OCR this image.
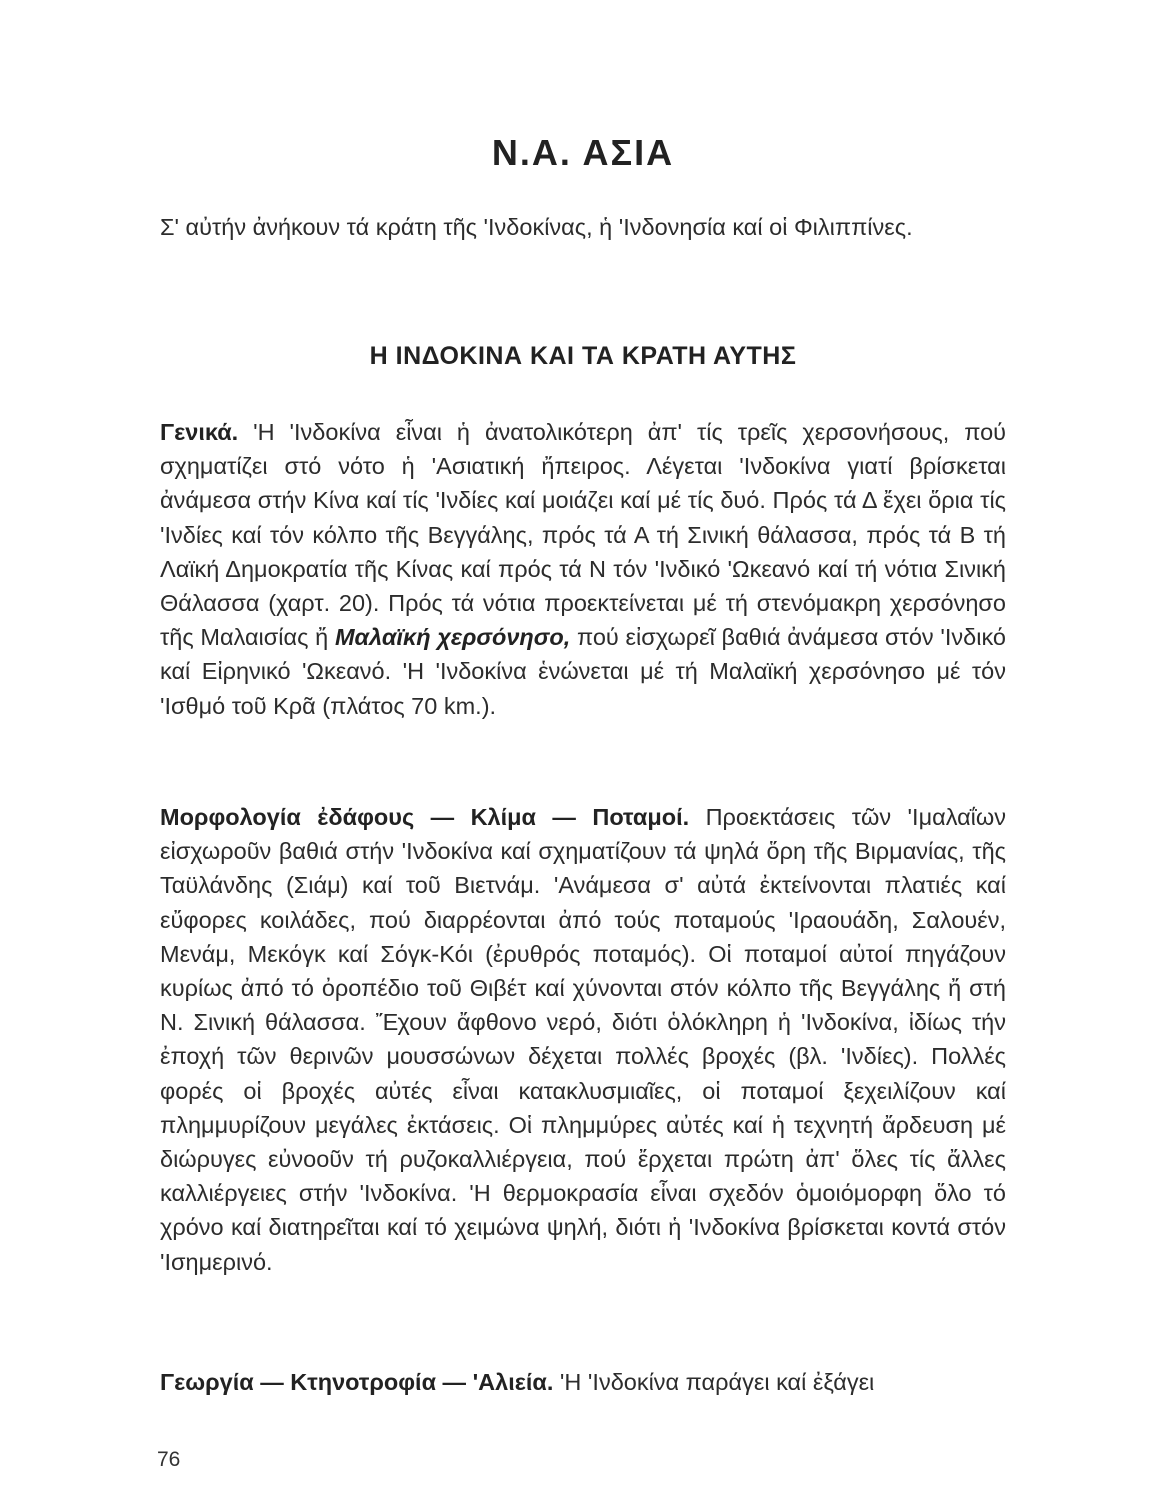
Ν.Α. ΑΣΙΑ

Σ' αὐτήν ἀνήκουν τά κράτη τῆς 'Ινδοκίνας, ἡ 'Ινδονησία καί οἱ Φιλιππίνες.

Η ΙΝΔΟΚΙΝΑ ΚΑΙ ΤΑ ΚΡΑΤΗ ΑΥΤΗΣ

Γενικά. 'Η 'Ινδοκίνα εἶναι ἡ ἀνατολικότερη ἀπ' τίς τρεῖς χερσονήσους, πού σχηματίζει στό νότο ἡ 'Ασιατική ἤπειρος. Λέγεται 'Ινδοκίνα γιατί βρίσκεται ἀνάμεσα στήν Κίνα καί τίς 'Ινδίες καί μοιάζει καί μέ τίς δυό. Πρός τά Δ ἔχει ὅρια τίς 'Ινδίες καί τόν κόλπο τῆς Βεγγάλης, πρός τά Α τή Σινική θάλασσα, πρός τά Β τή Λαϊκή Δημοκρατία τῆς Κίνας καί πρός τά Ν τόν 'Ινδικό 'Ωκεανό καί τή νότια Σινική Θάλασσα (χαρτ. 20). Πρός τά νότια προεκτείνεται μέ τή στενόμακρη χερσόνησο τῆς Μαλαισίας ἤ Μαλαϊκή χερσόνησο, πού εἰσχωρεῖ βαθιά ἀνάμεσα στόν 'Ινδικό καί Εἰρηνικό 'Ωκεανό. 'Η 'Ινδοκίνα ἑνώνεται μέ τή Μαλαϊκή χερσόνησο μέ τόν 'Ισθμό τοῦ Κρᾶ (πλάτος 70 km.).

Μορφολογία ἐδάφους — Κλίμα — Ποταμοί. Προεκτάσεις τῶν 'Ιμαλαΐων εἰσχωροῦν βαθιά στήν 'Ινδοκίνα καί σχηματίζουν τά ψηλά ὅρη τῆς Βιρμανίας, τῆς Ταϋλάνδης (Σιάμ) καί τοῦ Βιετνάμ. 'Ανάμεσα σ' αὐτά ἐκτείνονται πλατιές καί εὔφορες κοιλάδες, πού διαρρέονται ἀπό τούς ποταμούς 'Ιραουάδη, Σαλουέν, Μενάμ, Μεκόγκ καί Σόγκ-Κόι (ἐρυθρός ποταμός). Οἱ ποταμοί αὐτοί πηγάζουν κυρίως ἀπό τό ὀροπέδιο τοῦ Θιβέτ καί χύνονται στόν κόλπο τῆς Βεγγάλης ἤ στή Ν. Σινική θάλασσα. Ἔχουν ἄφθονο νερό, διότι ὁλόκληρη ἡ 'Ινδοκίνα, ἰδίως τήν ἐποχή τῶν θερινῶν μουσσώνων δέχεται πολλές βροχές (βλ. 'Ινδίες). Πολλές φορές οἱ βροχές αὐτές εἶναι κατακλυσμιαῖες, οἱ ποταμοί ξεχειλίζουν καί πλημμυρίζουν μεγάλες ἐκτάσεις. Οἱ πλημμύρες αὐτές καί ἡ τεχνητή ἄρδευση μέ διώρυγες εὐνοοῦν τή ρυζοκαλλιέργεια, πού ἔρχεται πρώτη ἀπ' ὅλες τίς ἄλλες καλλιέργειες στήν 'Ινδοκίνα. 'Η θερμοκρασία εἶναι σχεδόν ὁμοιόμορφη ὅλο τό χρόνο καί διατηρεῖται καί τό χειμώνα ψηλή, διότι ἡ 'Ινδοκίνα βρίσκεται κοντά στόν 'Ισημερινό.

Γεωργία — Κτηνοτροφία — 'Αλιεία. 'Η 'Ινδοκίνα παράγει καί ἐξάγει

76
